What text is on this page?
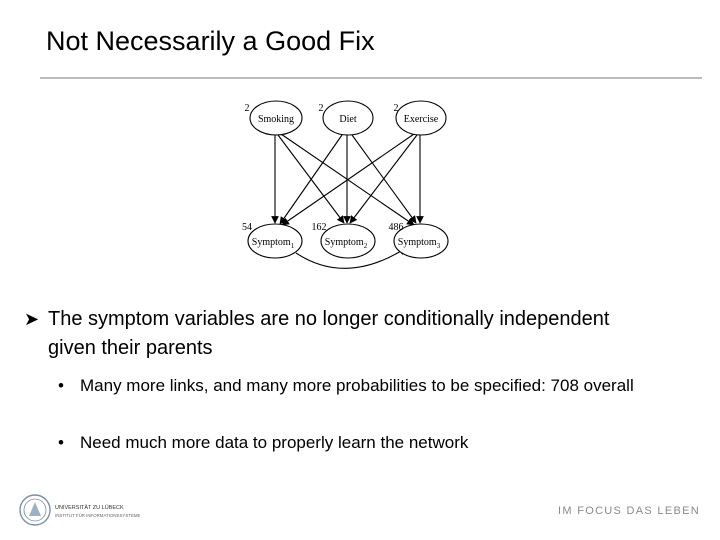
Not Necessarily a Good Fix
Smoking
2
Diet
2
Exercise
2
Symptom$_1$
54
Symptom$_2$
162
Symptom$_3$
486
➤ The symptom variables are no longer conditionally independent given their parents
• Many more links, and many more probabilities to be specified: 708 overall
• Need much more data to properly learn the network
UNIVERSITÄT ZU LÜBECK
INSTITUT FÜR INFORMATIONSSYSTEME	IM FOCUS DAS LEBEN
